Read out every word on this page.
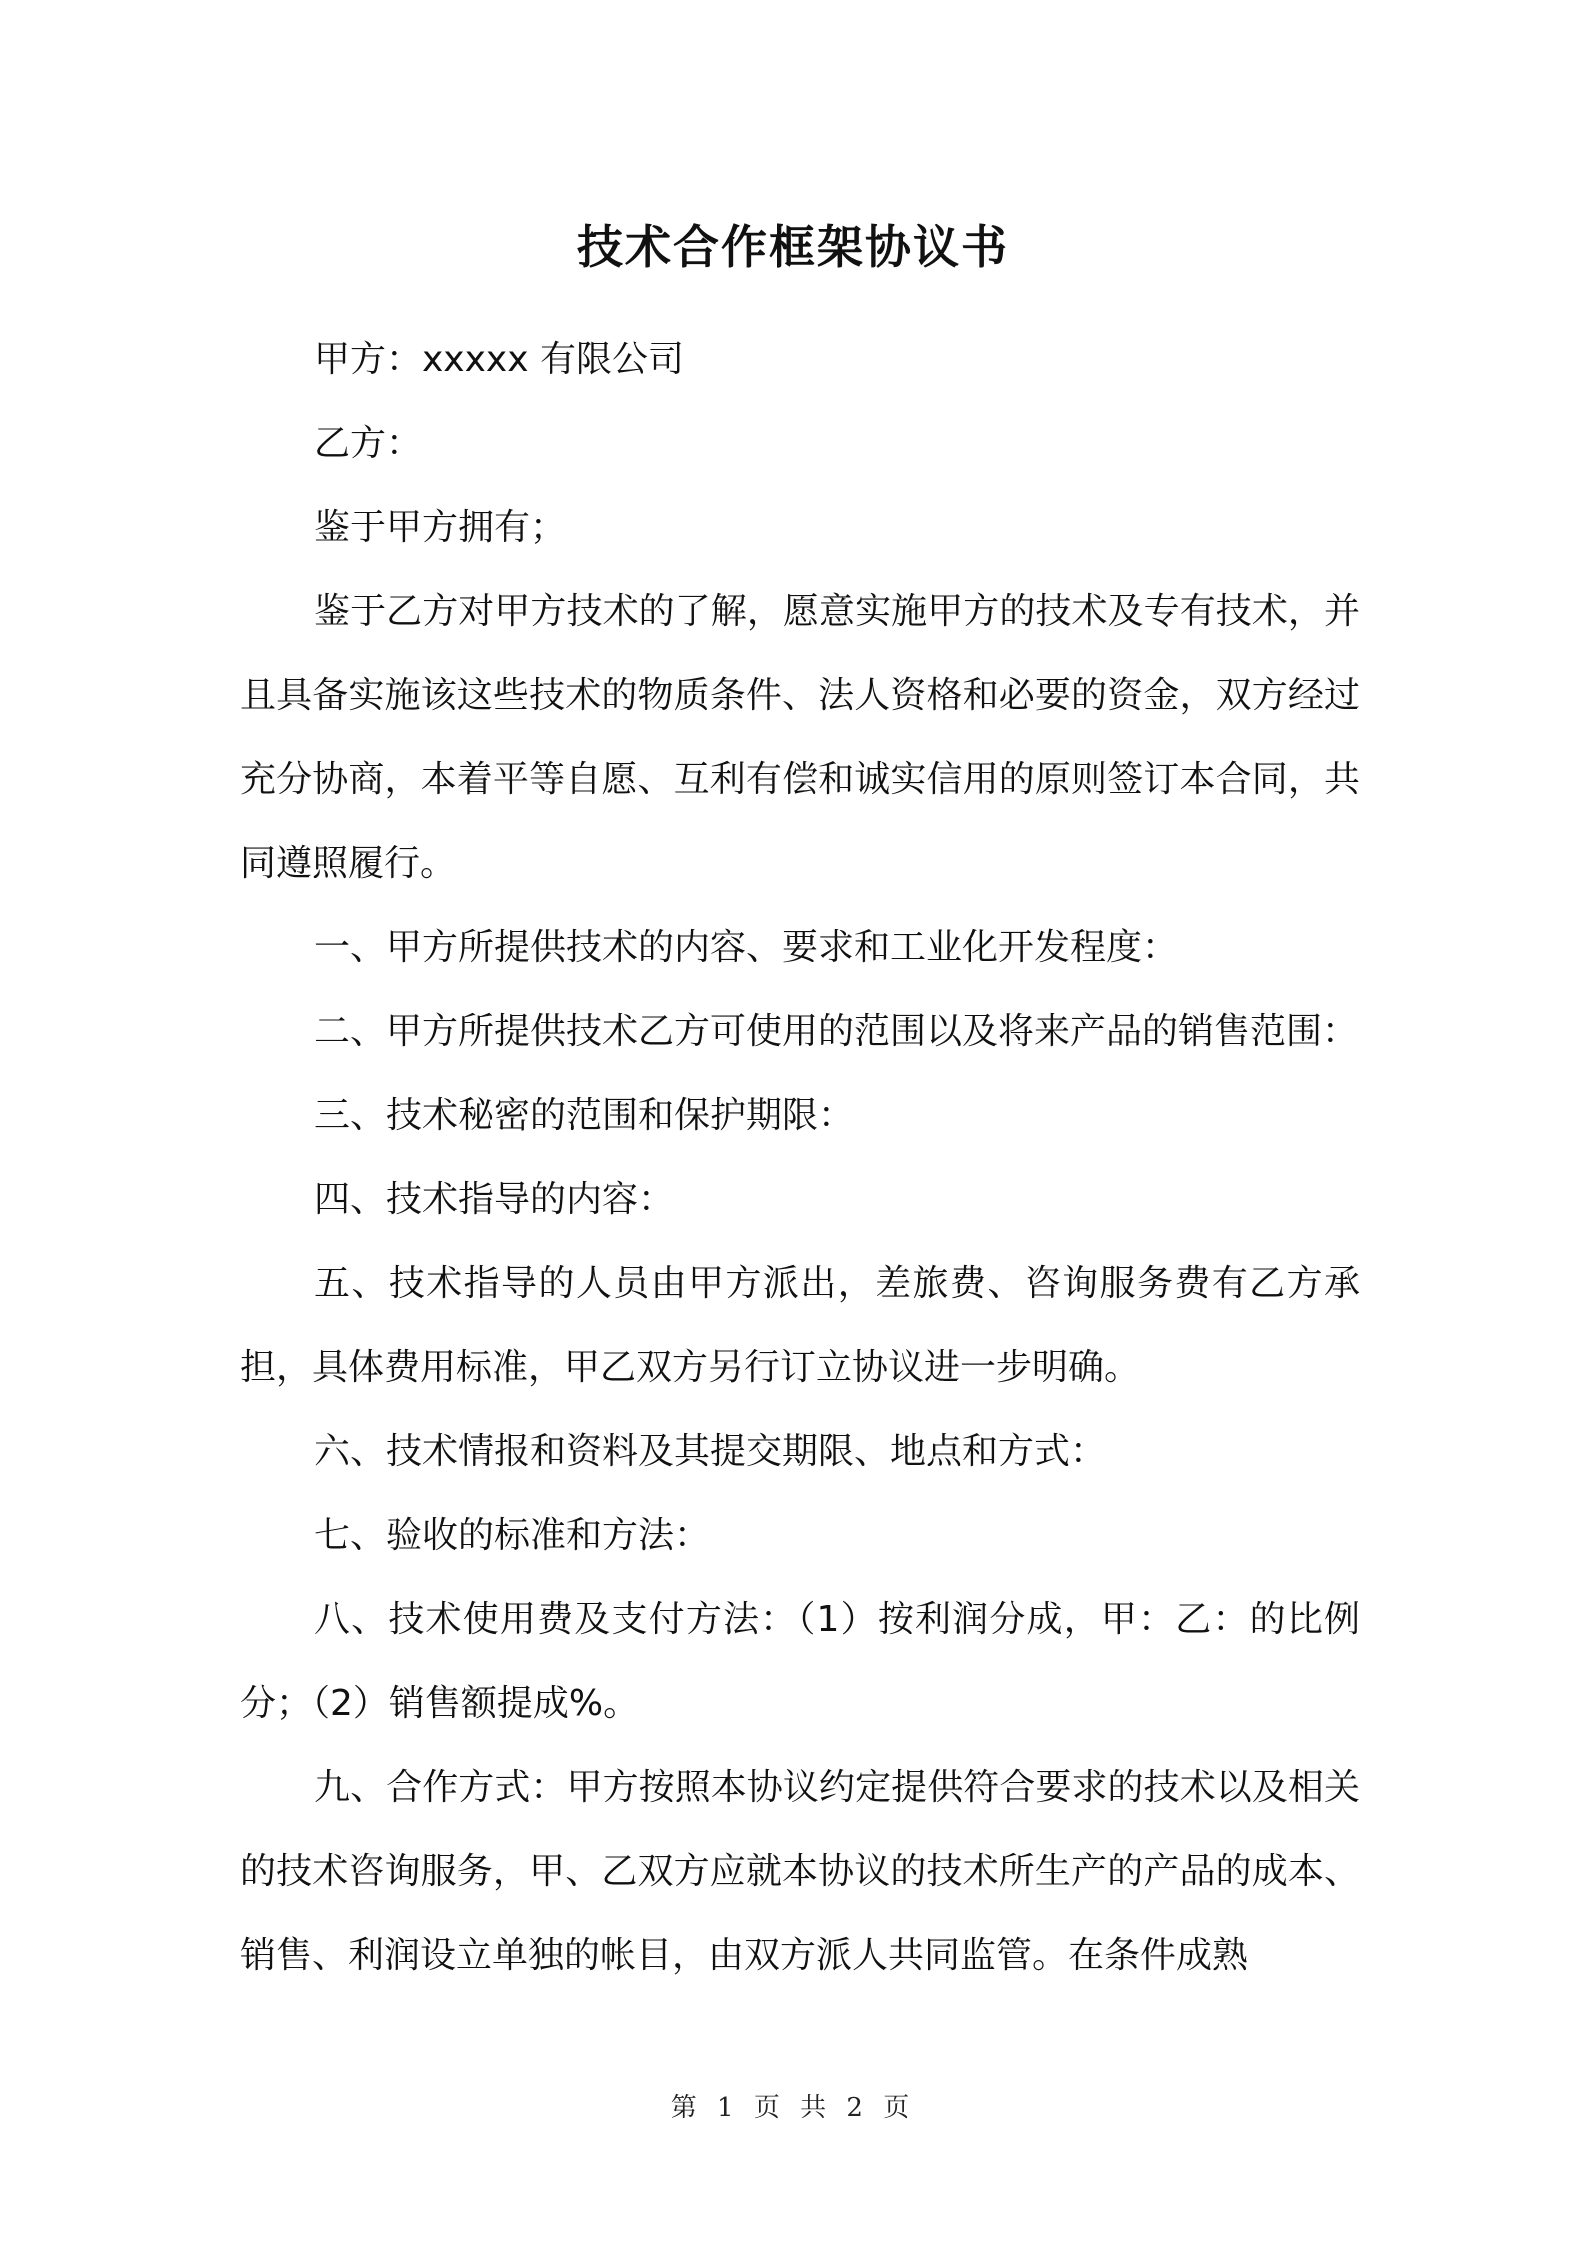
技术合作框架协议书

甲方：xxxxx 有限公司

乙方：

鉴于甲方拥有；

鉴于乙方对甲方技术的了解，愿意实施甲方的技术及专有技术，并且具备实施该这些技术的物质条件、法人资格和必要的资金，双方经过充分协商，本着平等自愿、互利有偿和诚实信用的原则签订本合同，共同遵照履行。

一、甲方所提供技术的内容、要求和工业化开发程度：

二、甲方所提供技术乙方可使用的范围以及将来产品的销售范围：

三、技术秘密的范围和保护期限：

四、技术指导的内容：

五、技术指导的人员由甲方派出，差旅费、咨询服务费有乙方承担，具体费用标准，甲乙双方另行订立协议进一步明确。

六、技术情报和资料及其提交期限、地点和方式：

七、验收的标准和方法：

八、技术使用费及支付方法：（1）按利润分成，甲：乙：的比例分；（2）销售额提成%。

九、合作方式：甲方按照本协议约定提供符合要求的技术以及相关的技术咨询服务，甲、乙双方应就本协议的技术所生产的产品的成本、销售、利润设立单独的帐目，由双方派人共同监管。在条件成熟

第 1 页 共 2 页
